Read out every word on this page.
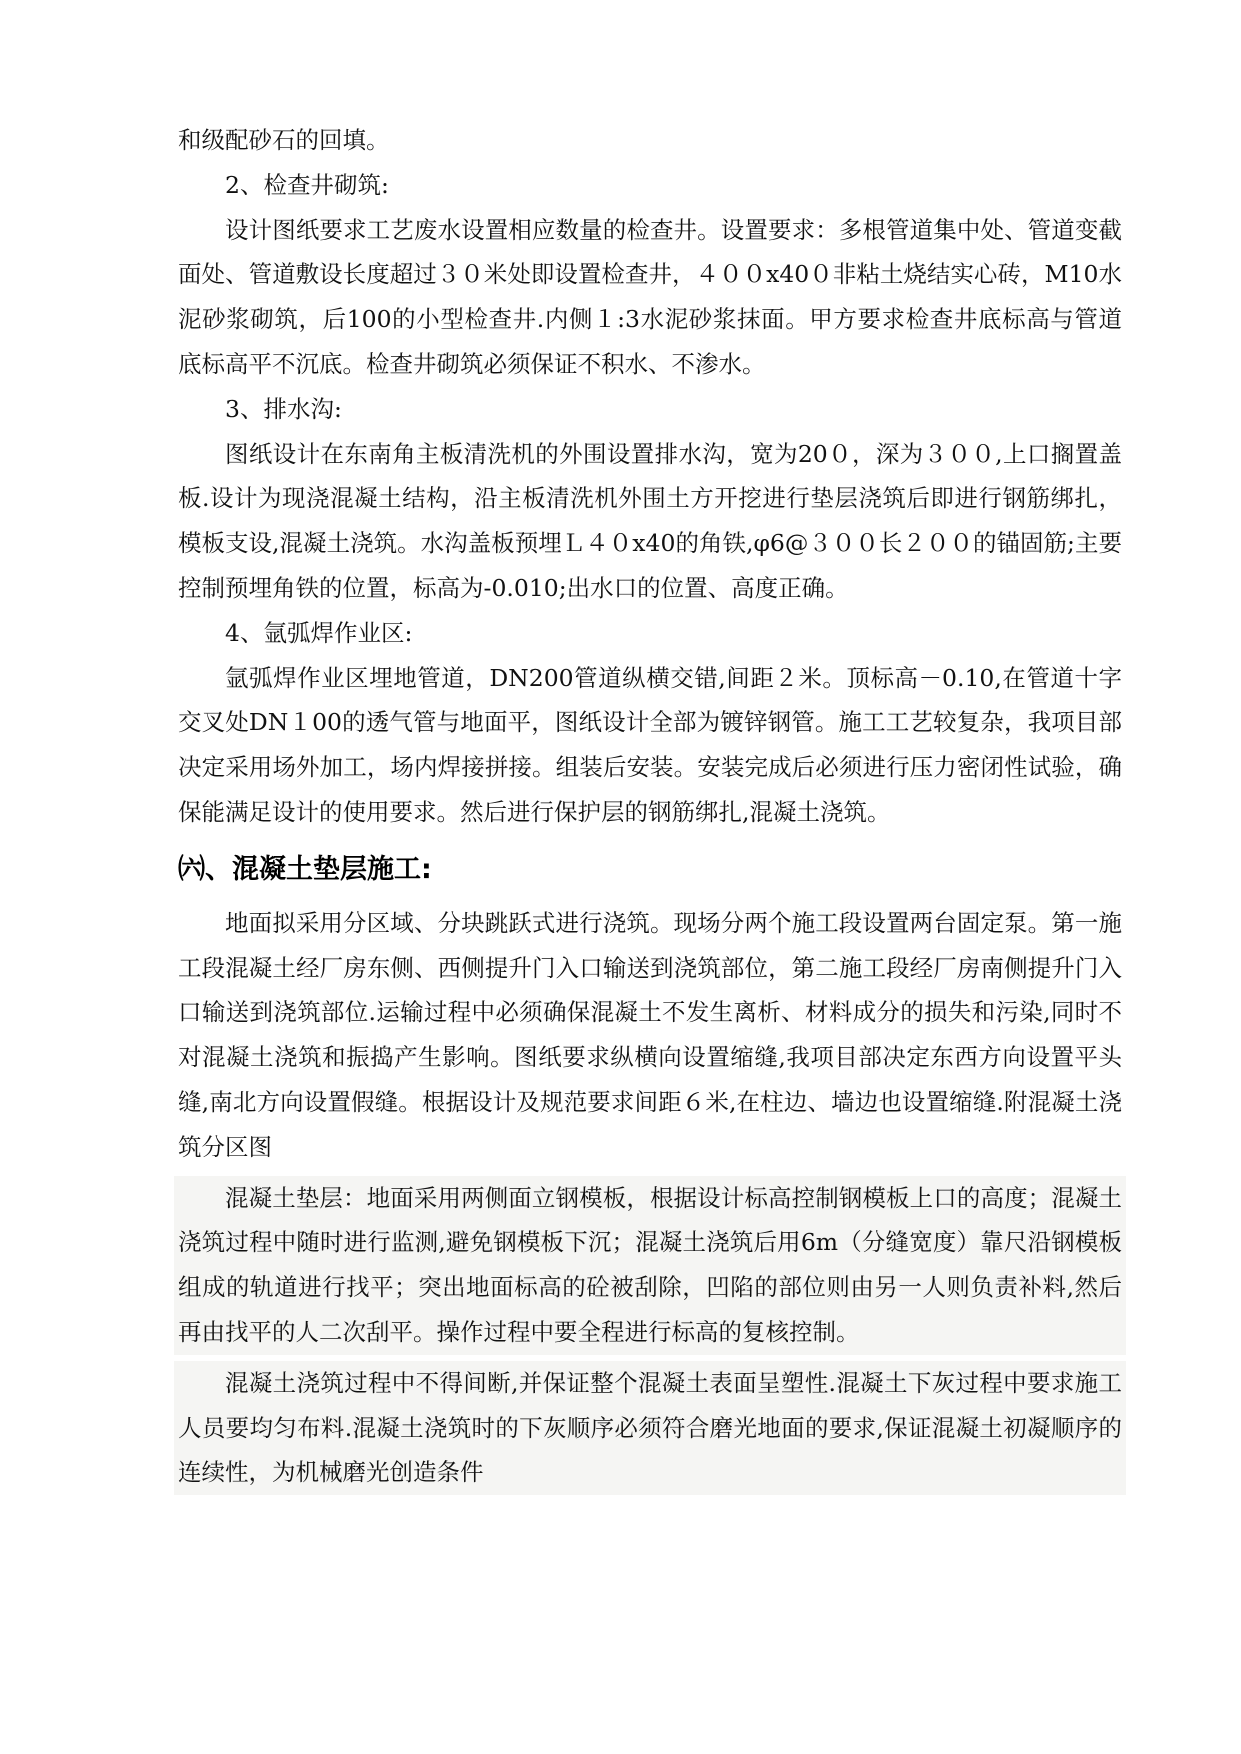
和级配砂石的回填。

2、检查井砌筑:

设计图纸要求工艺废水设置相应数量的检查井。设置要求：多根管道集中处、管道变截面处、管道敷设长度超过３０米处即设置检查井，４００x40０非粘土烧结实心砖，M10水泥砂浆砌筑，后100的小型检查井.内侧１:3水泥砂浆抹面。甲方要求检查井底标高与管道底标高平不沉底。检查井砌筑必须保证不积水、不渗水。

3、排水沟:

图纸设计在东南角主板清洗机的外围设置排水沟，宽为20０，深为３００,上口搁置盖板.设计为现浇混凝土结构，沿主板清洗机外围土方开挖进行垫层浇筑后即进行钢筋绑扎，模板支设,混凝土浇筑。水沟盖板预埋Ｌ４０x40的角铁,φ6@３００长２００的锚固筋;主要控制预埋角铁的位置，标高为-0.010;出水口的位置、高度正确。

4、氩弧焊作业区:

氩弧焊作业区埋地管道，DN200管道纵横交错,间距２米。顶标高－0.10,在管道十字交叉处DN１00的透气管与地面平，图纸设计全部为镀锌钢管。施工工艺较复杂，我项目部决定采用场外加工，场内焊接拼接。组装后安装。安装完成后必须进行压力密闭性试验，确保能满足设计的使用要求。然后进行保护层的钢筋绑扎,混凝土浇筑。

㈥、混凝土垫层施工:

地面拟采用分区域、分块跳跃式进行浇筑。现场分两个施工段设置两台固定泵。第一施工段混凝土经厂房东侧、西侧提升门入口输送到浇筑部位，第二施工段经厂房南侧提升门入口输送到浇筑部位.运输过程中必须确保混凝土不发生离析、材料成分的损失和污染,同时不对混凝土浇筑和振捣产生影响。图纸要求纵横向设置缩缝,我项目部决定东西方向设置平头缝,南北方向设置假缝。根据设计及规范要求间距６米,在柱边、墙边也设置缩缝.附混凝土浇筑分区图

混凝土垫层：地面采用两侧面立钢模板，根据设计标高控制钢模板上口的高度；混凝土浇筑过程中随时进行监测,避免钢模板下沉；混凝土浇筑后用6m（分缝宽度）靠尺沿钢模板组成的轨道进行找平；突出地面标高的砼被刮除，凹陷的部位则由另一人则负责补料,然后再由找平的人二次刮平。操作过程中要全程进行标高的复核控制。

混凝土浇筑过程中不得间断,并保证整个混凝土表面呈塑性.混凝土下灰过程中要求施工人员要均匀布料.混凝土浇筑时的下灰顺序必须符合磨光地面的要求,保证混凝土初凝顺序的连续性，为机械磨光创造条件
